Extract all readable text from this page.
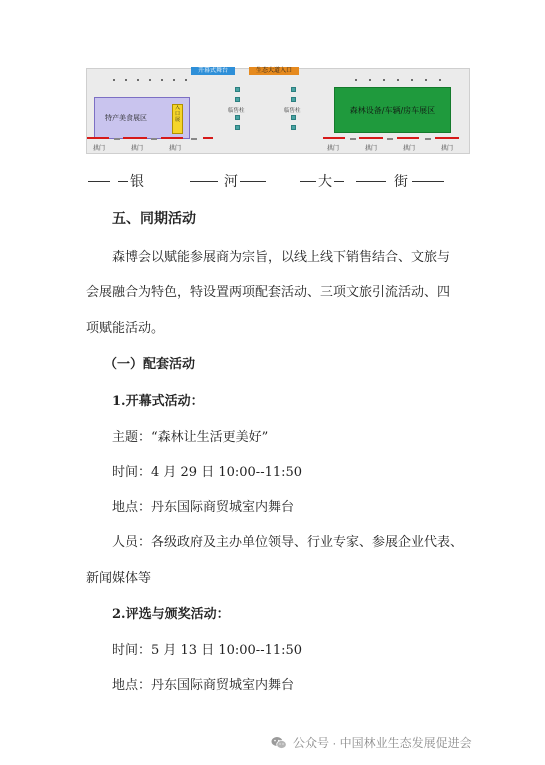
开幕式舞台	生态大道入口
特产美食展区
入口展
临售柱	临售柱	森林设备/车辆/房车展区
拱门	拱门	拱门	拱门	拱门	拱门	拱门
银	河	大	街
五、同期活动
森博会以赋能参展商为宗旨，以线上线下销售结合、文旅与
会展融合为特色，特设置两项配套活动、三项文旅引流活动、四
项赋能活动。
（一）配套活动
1.开幕式活动：
主题：“森林让生活更美好”
时间：4 月 29 日 10:00--11:50
地点：丹东国际商贸城室内舞台
人员：各级政府及主办单位领导、行业专家、参展企业代表、
新闻媒体等
2.评选与颁奖活动：
时间：5 月 13 日 10:00--11:50
地点：丹东国际商贸城室内舞台
公众号 · 中国林业生态发展促进会
